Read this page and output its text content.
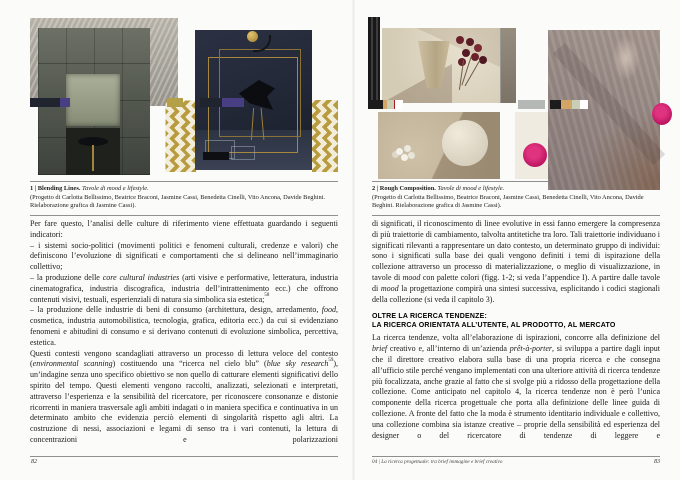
1 | Blending Lines. Tavole di mood e lifestyle.
(Progetto di Carlotta Bellissimo, Beatrice Braconi, Jasmine Cassi, Benedetta Cinelli, Vito Ancona, Davide Beghini. Rielaborazione grafica di Jasmine Cassi).

Per fare questo, l’analisi delle culture di riferimento viene effettuata guardando i seguenti indicatori:

– i sistemi socio-politici (movimenti politici e fenomeni culturali, credenze e valori) che definiscono l’evoluzione di significati e comportamenti che si delineano nell’immaginario collettivo;

– la produzione delle core cultural industries (arti visive e performative, letteratura, industria cinematografica, industria discografica, industria dell’intrattenimento ecc.) che offrono contenuti visivi, testuali, esperienziali di natura sia simbolica sia estetica;$^{58}$

– la produzione delle industrie di beni di consumo (architettura, design, arredamento, food, cosmetica, industria automobilistica, tecnologia, grafica, editoria ecc.) da cui si evidenziano fenomeni e abitudini di consumo e si derivano contenuti di evoluzione simbolica, percettiva, estetica.

Questi contesti vengono scandagliati attraverso un processo di lettura veloce del contesto (environmental scanning) costituendo una “ricerca nel cielo blu” (blue sky research$^{59}$), un’indagine senza uno specifico obiettivo se non quello di catturare elementi significativi dello spirito del tempo. Questi elementi vengono raccolti, analizzati, selezionati e interpretati, attraverso l’esperienza e la sensibilità del ricercatore, per riconoscere consonanze e distonie ricorrenti in maniera trasversale agli ambiti indagati o in maniera specifica e continuativa in un determinato ambito che evidenzia perciò elementi di singolarità rispetto agli altri. La costruzione di nessi, associazioni e legami di senso tra i vari contenuti, la lettura di concentrazioni e polarizzazioni

82
2 | Rough Composition. Tavole di mood e lifestyle.
(Progetto di Carlotta Bellissimo, Beatrice Braconi, Jasmine Cassi, Benedetta Cinelli, Vito Ancona, Davide Beghini. Rielaborazione grafica di Jasmine Cassi).

di significati, il riconoscimento di linee evolutive in essi fanno emergere la compresenza di più traiettorie di cambiamento, talvolta antitetiche tra loro. Tali traiettorie individuano i significati rilevanti a rappresentare un dato contesto, un determinato gruppo di individui: sono i significati sulla base dei quali vengono definiti i temi di ispirazione della collezione attraverso un processo di materializzazione, o meglio di visualizzazione, in tavole di mood con palette colori (figg. 1-2; si veda l’appendice I). A partire dalle tavole di mood la progettazione compirà una sintesi successiva, esplicitando i codici stagionali della collezione (si veda il capitolo 3).

OLTRE LA RICERCA TENDENZE:
LA RICERCA ORIENTATA ALL’UTENTE, AL PRODOTTO, AL MERCATO

La ricerca tendenze, volta all’elaborazione di ispirazioni, concorre alla definizione del brief creativo e, all’interno di un’azienda prêt-à-porter, si sviluppa a partire dagli input che il direttore creativo elabora sulla base di una propria ricerca e che consegna all’ufficio stile perché vengano implementati con una ulteriore attività di ricerca tendenze più focalizzata, anche grazie al fatto che si svolge più a ridosso della progettazione della collezione. Come anticipato nel capitolo 4, la ricerca tendenze non è però l’unica componente della ricerca progettuale che porta alla definizione delle linee guida di collezione. A fronte del fatto che la moda è strumento identitario individuale e collettivo, una collezione combina sia istanze creative – proprie della sensibilità ed esperienza del designer o del ricercatore di tendenze di leggere e

04 | La ricerca progettuale: tra brief immagine e brief creativo	83
